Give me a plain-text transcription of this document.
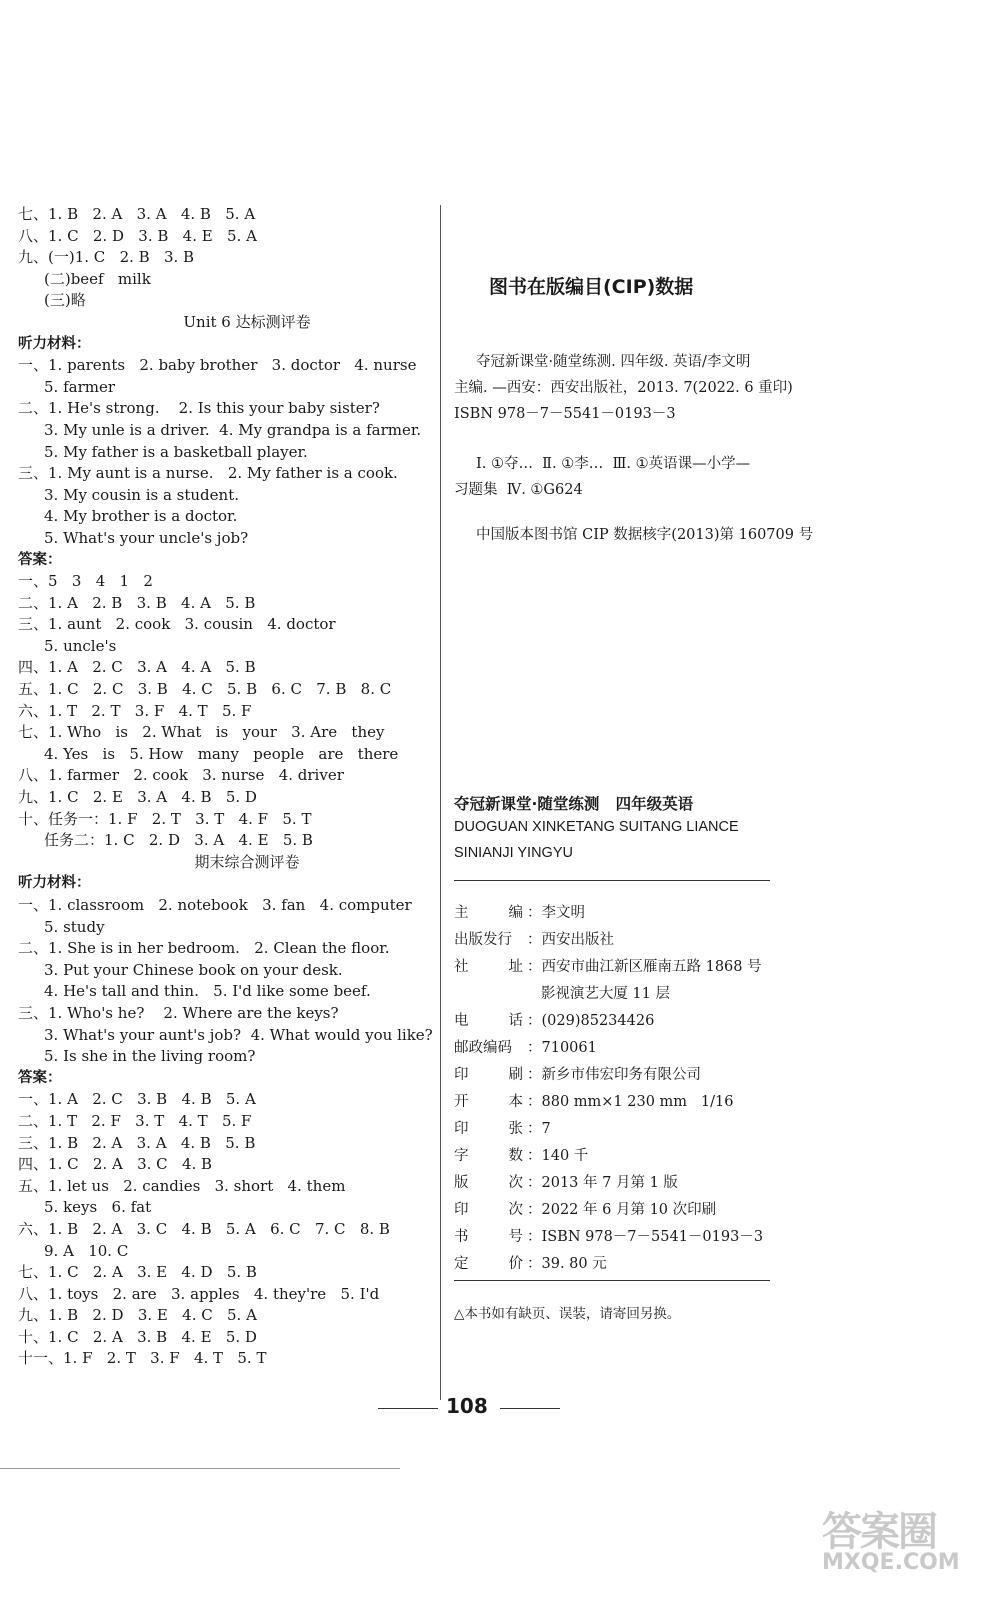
七、1. B   2. A   3. A   4. B   5. A
八、1. C   2. D   3. B   4. E   5. A
九、(一)1. C   2. B   3. B
(二)beef   milk
(三)略
Unit 6 达标测评卷
听力材料：
一、1. parents   2. baby brother   3. doctor   4. nurse
5. farmer
二、1. He's strong.    2. Is this your baby sister?
3. My unle is a driver.  4. My grandpa is a farmer.
5. My father is a basketball player.
三、1. My aunt is a nurse.   2. My father is a cook.
3. My cousin is a student.
4. My brother is a doctor.
5. What's your uncle's job?
答案：
一、5   3   4   1   2
二、1. A   2. B   3. B   4. A   5. B
三、1. aunt   2. cook   3. cousin   4. doctor
5. uncle's
四、1. A   2. C   3. A   4. A   5. B
五、1. C   2. C   3. B   4. C   5. B   6. C   7. B   8. C
六、1. T   2. T   3. F   4. T   5. F
七、1. Who   is   2. What   is   your   3. Are   they
4. Yes   is   5. How   many   people   are   there
八、1. farmer   2. cook   3. nurse   4. driver
九、1. C   2. E   3. A   4. B   5. D
十、任务一：1. F   2. T   3. T   4. F   5. T
任务二：1. C   2. D   3. A   4. E   5. B
期末综合测评卷
听力材料：
一、1. classroom   2. notebook   3. fan   4. computer
5. study
二、1. She is in her bedroom.   2. Clean the floor.
3. Put your Chinese book on your desk.
4. He's tall and thin.   5. I'd like some beef.
三、1. Who's he?    2. Where are the keys?
3. What's your aunt's job?  4. What would you like?
5. Is she in the living room?
答案：
一、1. A   2. C   3. B   4. B   5. A
二、1. T   2. F   3. T   4. T   5. F
三、1. B   2. A   3. A   4. B   5. B
四、1. C   2. A   3. C   4. B
五、1. let us   2. candies   3. short   4. them
5. keys   6. fat
六、1. B   2. A   3. C   4. B   5. A   6. C   7. C   8. B
9. A   10. C
七、1. C   2. A   3. E   4. D   5. B
八、1. toys   2. are   3. apples   4. they're   5. I'd
九、1. B   2. D   3. E   4. C   5. A
十、1. C   2. A   3. B   4. E   5. D
十一、1. F   2. T   3. F   4. T   5. T
图书在版编目(CIP)数据
夺冠新课堂·随堂练测. 四年级. 英语/李文明
主编. —西安：西安出版社，2013. 7(2022. 6 重印)
ISBN 978－7－5541－0193－3
Ⅰ. ①夺…  Ⅱ. ①李…  Ⅲ. ①英语课—小学—
习题集  Ⅳ. ①G624
中国版本图书馆 CIP 数据核字(2013)第 160709 号
夺冠新课堂·随堂练测   四年级英语
DUOGUAN XINKETANG SUITANG LIANCE
SINIANJI YINGYU
主	编 ：李文明
出版发行 ：西安出版社
社	址 ：西安市曲江新区雁南五路 1868 号
影视演艺大厦 11 层
电	话 ：(029)85234426
邮政编码 ：710061
印	刷 ：新乡市伟宏印务有限公司
开	本 ：880 mm×1 230 mm   1/16
印	张 ：7
字	数 ：140 千
版	次 ：2013 年 7 月第 1 版
印	次 ：2022 年 6 月第 10 次印刷
书	号 ：ISBN 978－7－5541－0193－3
定	价 ：39. 80 元
△本书如有缺页、误装，请寄回另换。
108
答案圈
MXQE.COM
